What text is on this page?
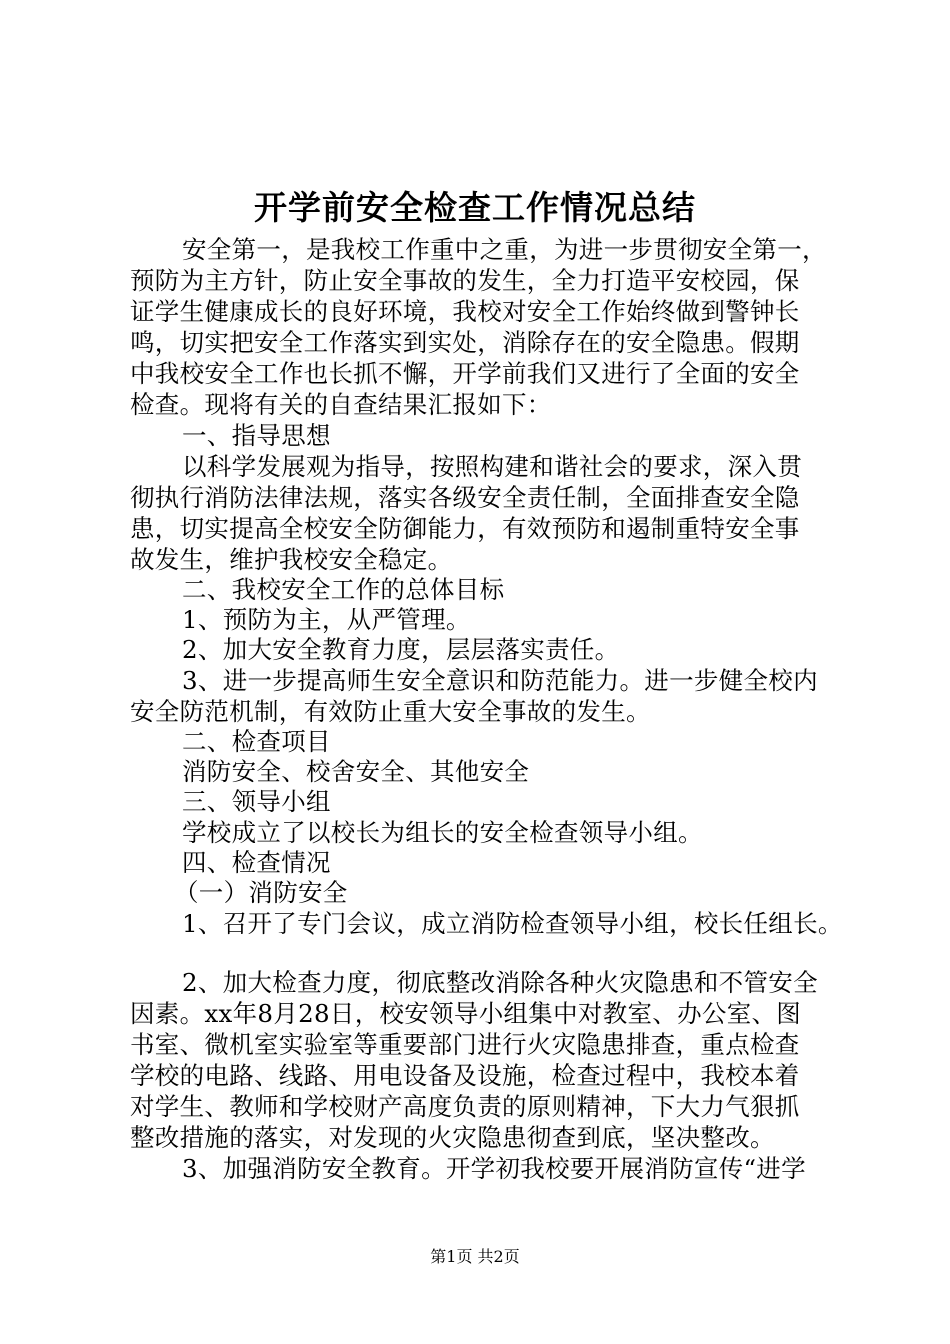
开学前安全检查工作情况总结
安全第一，是我校工作重中之重，为进一步贯彻安全第一，
预防为主方针，防止安全事故的发生，全力打造平安校园，保
证学生健康成长的良好环境，我校对安全工作始终做到警钟长
鸣，切实把安全工作落实到实处，消除存在的安全隐患。假期
中我校安全工作也长抓不懈，开学前我们又进行了全面的安全
检查。现将有关的自查结果汇报如下：
一、指导思想
以科学发展观为指导，按照构建和谐社会的要求，深入贯
彻执行消防法律法规，落实各级安全责任制，全面排查安全隐
患，切实提高全校安全防御能力，有效预防和遏制重特安全事
故发生，维护我校安全稳定。
二、我校安全工作的总体目标
1、预防为主，从严管理。
2、加大安全教育力度，层层落实责任。
3、进一步提高师生安全意识和防范能力。进一步健全校内
安全防范机制，有效防止重大安全事故的发生。
二、检查项目
消防安全、校舍安全、其他安全
三、领导小组
学校成立了以校长为组长的安全检查领导小组。
四、检查情况
（一）消防安全
1、召开了专门会议，成立消防检查领导小组，校长任组长。
2、加大检查力度，彻底整改消除各种火灾隐患和不管安全
因素。xx年8月28日，校安领导小组集中对教室、办公室、图
书室、微机室实验室等重要部门进行火灾隐患排查，重点检查
学校的电路、线路、用电设备及设施，检查过程中，我校本着
对学生、教师和学校财产高度负责的原则精神，下大力气狠抓
整改措施的落实，对发现的火灾隐患彻查到底，坚决整改。
3、加强消防安全教育。开学初我校要开展消防宣传“进学
第1页 共2页
